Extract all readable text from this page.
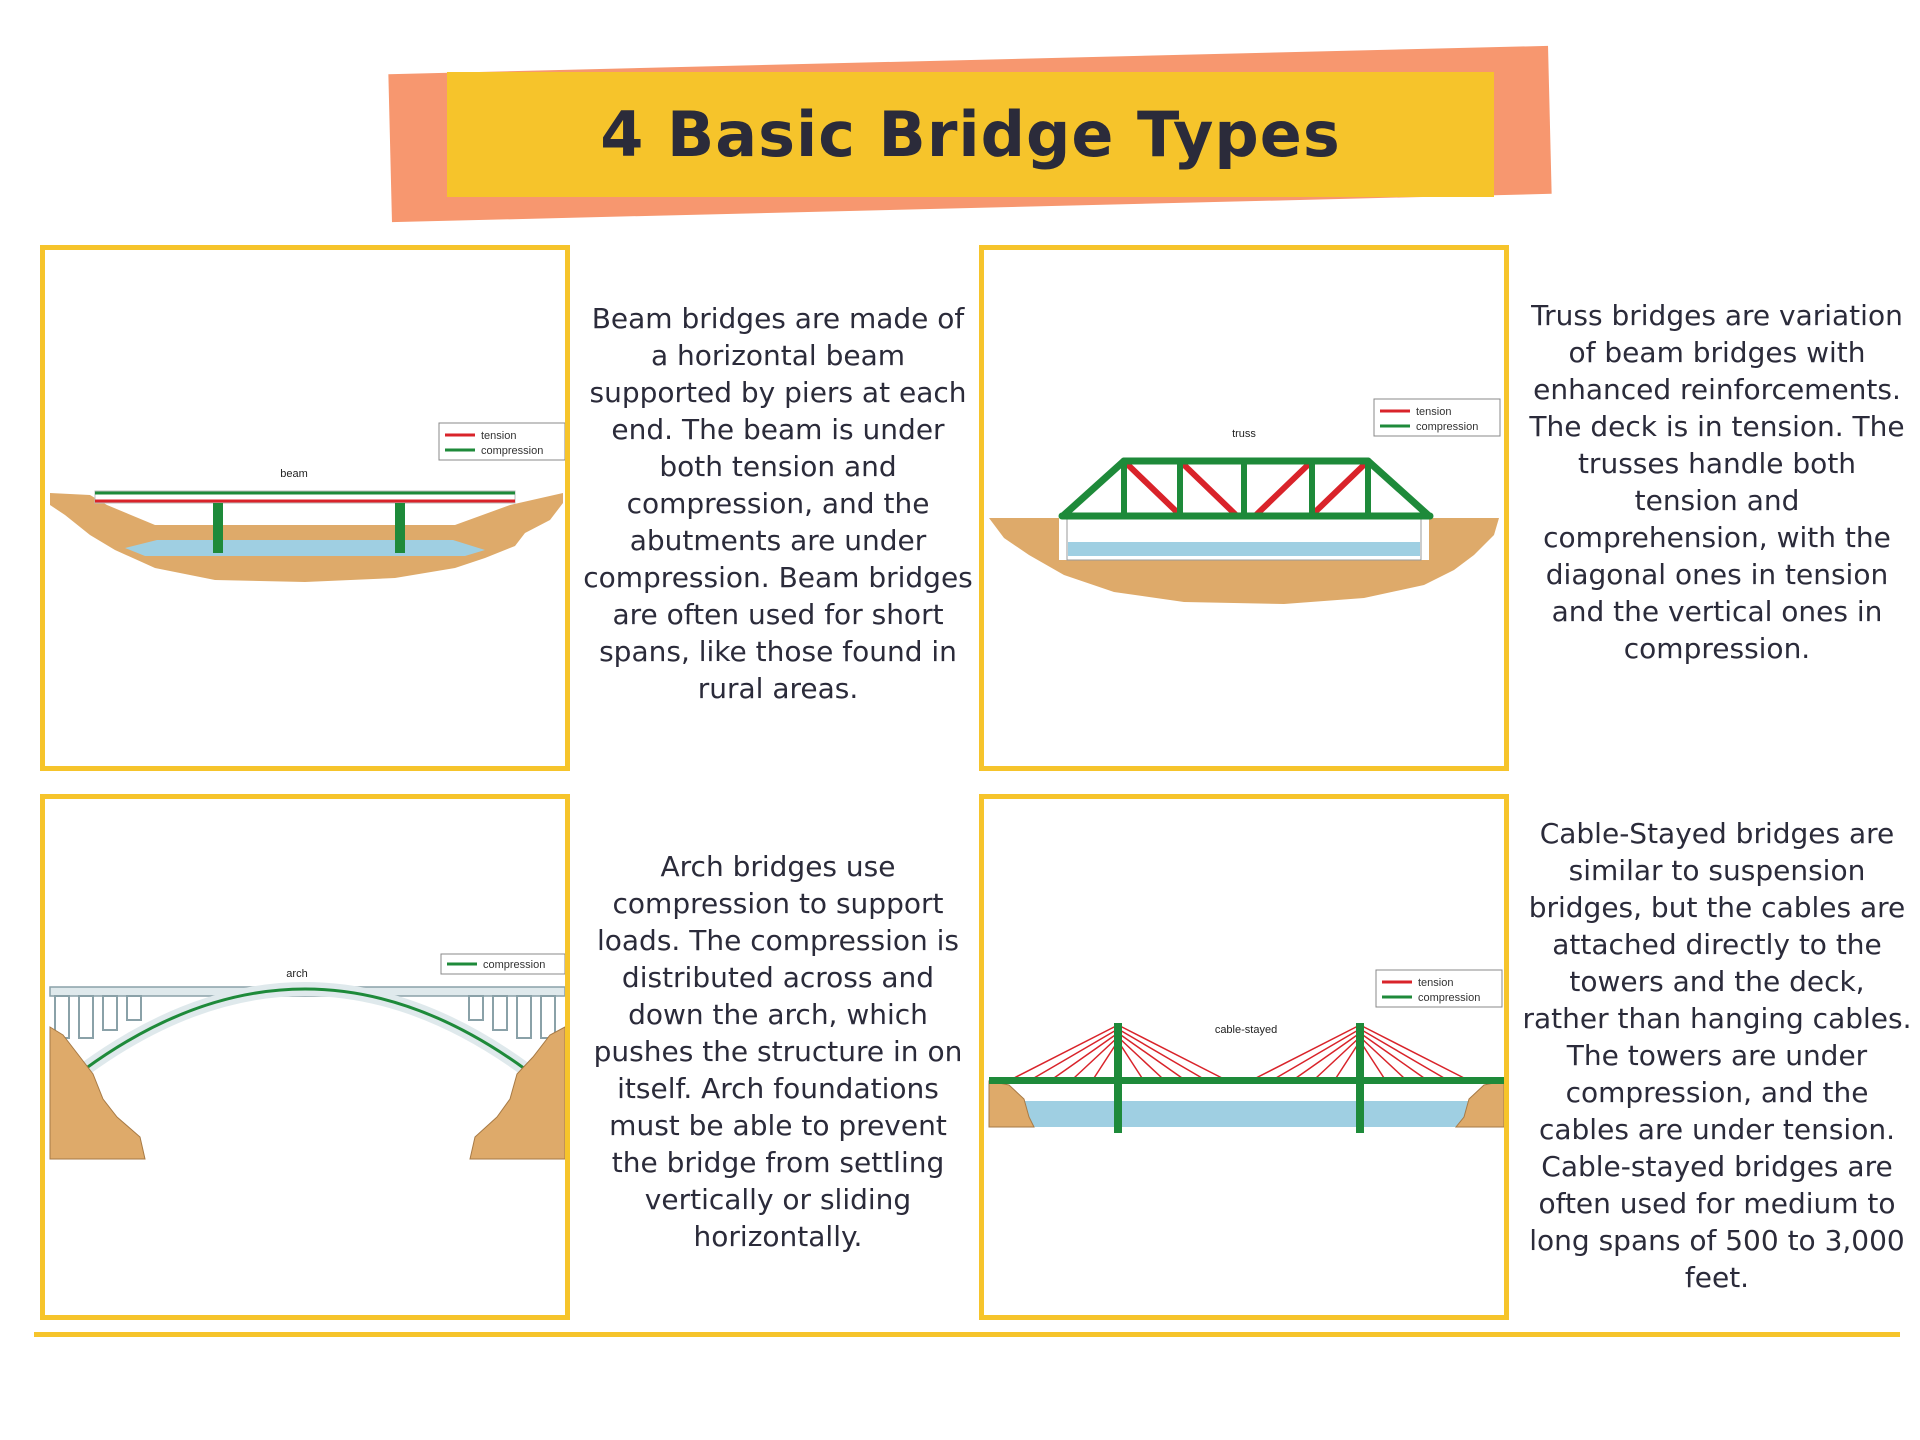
4 Basic Bridge Types
tension
compression
beam
Beam bridges are made of a horizontal beam supported by piers at each end. The beam is under both tension and compression, and the abutments are under compression. Beam bridges are often used for short spans, like those found in rural areas.
tension
compression
truss
Truss bridges are variation of beam bridges with enhanced reinforcements. The deck is in tension. The trusses handle both tension and comprehension, with the diagonal ones in tension and the vertical ones in compression.
compression
arch
Arch bridges use compression to support loads. The compression is distributed across and down the arch, which pushes the structure in on itself. Arch foundations must be able to prevent the bridge from settling vertically or sliding horizontally.
tension
compression
cable-stayed
Cable-Stayed bridges are similar to suspension bridges, but the cables are attached directly to the towers and the deck, rather than hanging cables. The towers are under compression, and the cables are under tension. Cable-stayed bridges are often used for medium to long spans of 500 to 3,000 feet.
